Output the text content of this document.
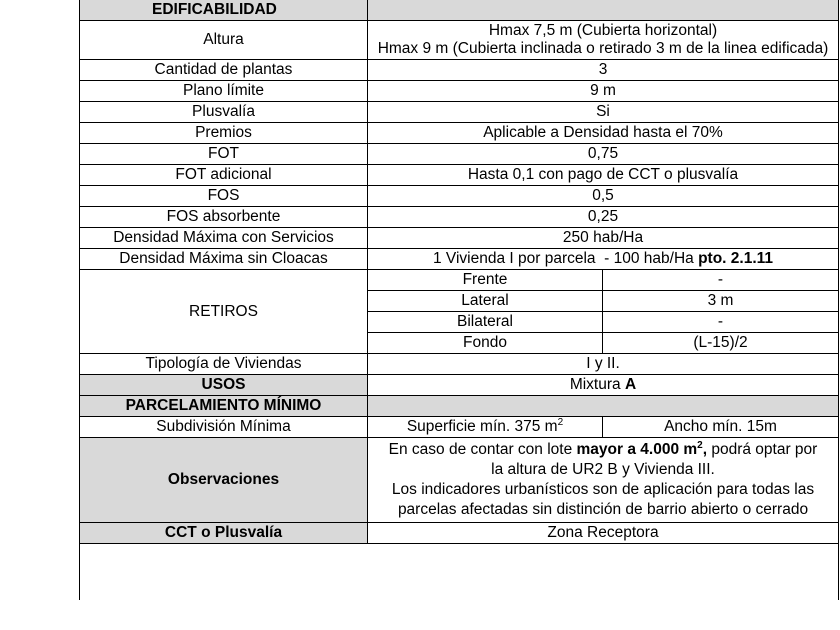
EDIFICABILIDAD		
Altura	Hmax 7,5 m (Cubierta horizontal)
Hmax 9 m (Cubierta inclinada o retirado 3 m de la linea edificada)	

Cantidad de plantas	3	
Plano límite	9 m	
Plusvalía	Si	
Premios	Aplicable a Densidad hasta el 70%	
FOT	0,75	
FOT adicional	Hasta 0,1 con pago de CCT o plusvalía	
FOS	0,5	
FOS absorbente	0,25	
Densidad Máxima con Servicios	250 hab/Ha	
Densidad Máxima sin Cloacas	1 Vivienda I por parcela  - 100 hab/Ha pto. 2.1.11	
RETIROS	Frente	-
	Lateral	3 m
	Bilateral	-
	Fondo	(L-15)/2
Tipología de Viviendas	I y II.	
USOS	Mixtura A	
PARCELAMIENTO MÍNIMO		
Subdivisión Mínima	Superficie mín. 375 $m^2$	Ancho mín. 15m
Observaciones	En caso de contar con lote mayor a 4.000 $m^2$, podrá optar por la altura de UR2 B y Vivienda III.
Los indicadores urbanísticos son de aplicación para todas las parcelas afectadas sin distinción de barrio abierto o cerrado	

CCT o Plusvalía	Zona Receptora	
